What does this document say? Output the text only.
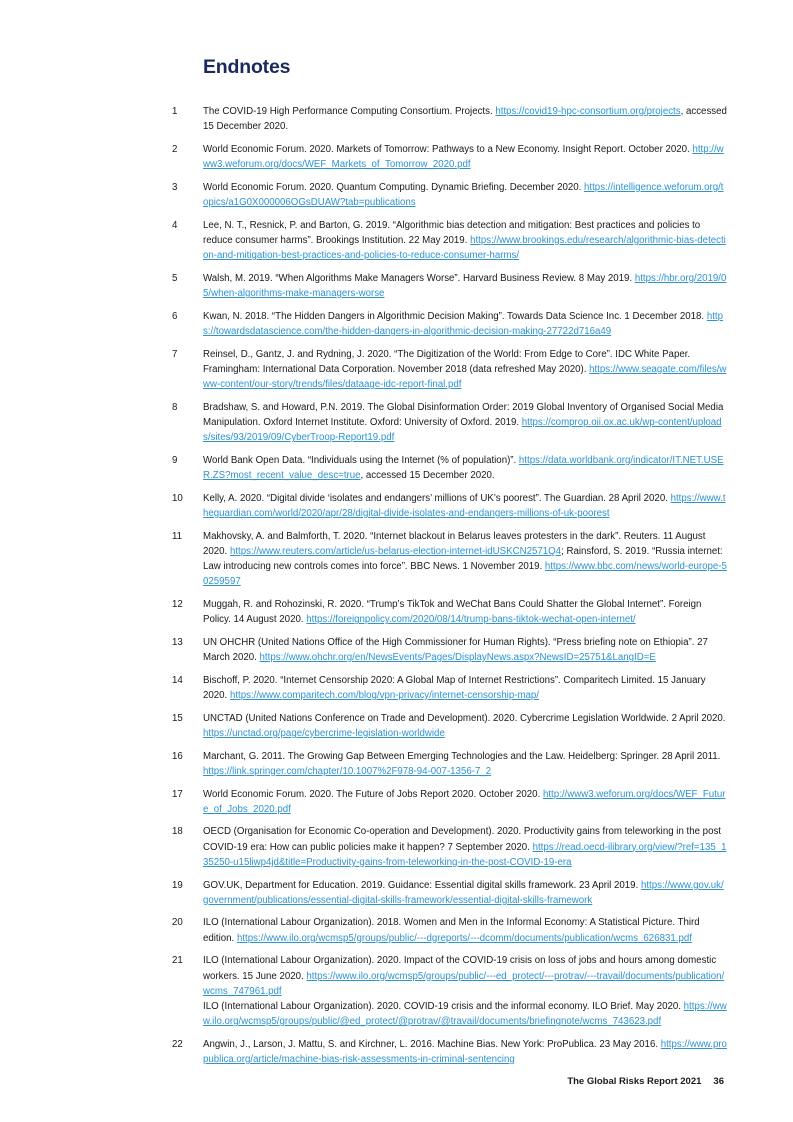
Endnotes
1	The COVID-19 High Performance Computing Consortium. Projects. https://covid19-hpc-consortium.org/projects, accessed 15 December 2020.

2	World Economic Forum. 2020. Markets of Tomorrow: Pathways to a New Economy. Insight Report. October 2020. http://www3.weforum.org/docs/WEF_Markets_of_Tomorrow_2020.pdf

3	World Economic Forum. 2020. Quantum Computing. Dynamic Briefing. December 2020. https://intelligence.weforum.org/topics/a1G0X000006OGsDUAW?tab=publications

4	Lee, N. T., Resnick, P. and Barton, G. 2019. “Algorithmic bias detection and mitigation: Best practices and policies to reduce consumer harms”. Brookings Institution. 22 May 2019. https://www.brookings.edu/research/algorithmic-bias-detection-and-mitigation-best-practices-and-policies-to-reduce-consumer-harms/

5	Walsh, M. 2019. “When Algorithms Make Managers Worse”. Harvard Business Review. 8 May 2019. https://hbr.org/2019/05/when-algorithms-make-managers-worse

6	Kwan, N. 2018. “The Hidden Dangers in Algorithmic Decision Making”. Towards Data Science Inc. 1 December 2018. https://towardsdatascience.com/the-hidden-dangers-in-algorithmic-decision-making-27722d716a49

7	Reinsel, D., Gantz, J. and Rydning, J. 2020. “The Digitization of the World: From Edge to Core”. IDC White Paper. Framingham: International Data Corporation. November 2018 (data refreshed May 2020). https://www.seagate.com/files/www-content/our-story/trends/files/dataage-idc-report-final.pdf

8	Bradshaw, S. and Howard, P.N. 2019. The Global Disinformation Order: 2019 Global Inventory of Organised Social Media Manipulation. Oxford Internet Institute. Oxford: University of Oxford. 2019. https://comprop.oii.ox.ac.uk/wp-content/uploads/sites/93/2019/09/CyberTroop-Report19.pdf

9	World Bank Open Data. “Individuals using the Internet (% of population)”. https://data.worldbank.org/indicator/IT.NET.USER.ZS?most_recent_value_desc=true, accessed 15 December 2020.

10	Kelly, A. 2020. “Digital divide ‘isolates and endangers’ millions of UK’s poorest”. The Guardian. 28 April 2020. https://www.theguardian.com/world/2020/apr/28/digital-divide-isolates-and-endangers-millions-of-uk-poorest

11	Makhovsky, A. and Balmforth, T. 2020. “Internet blackout in Belarus leaves protesters in the dark”. Reuters. 11 August 2020. https://www.reuters.com/article/us-belarus-election-internet-idUSKCN2571Q4; Rainsford, S. 2019. “Russia internet: Law introducing new controls comes into force”. BBC News. 1 November 2019. https://www.bbc.com/news/world-europe-50259597

12	Muggah, R. and Rohozinski, R. 2020. “Trump’s TikTok and WeChat Bans Could Shatter the Global Internet”. Foreign Policy. 14 August 2020. https://foreignpolicy.com/2020/08/14/trump-bans-tiktok-wechat-open-internet/

13	UN OHCHR (United Nations Office of the High Commissioner for Human Rights). “Press briefing note on Ethiopia”. 27 March 2020. https://www.ohchr.org/en/NewsEvents/Pages/DisplayNews.aspx?NewsID=25751&LangID=E

14	Bischoff, P. 2020. “Internet Censorship 2020: A Global Map of Internet Restrictions”. Comparitech Limited. 15 January 2020. https://www.comparitech.com/blog/vpn-privacy/internet-censorship-map/

15	UNCTAD (United Nations Conference on Trade and Development). 2020. Cybercrime Legislation Worldwide. 2 April 2020. https://unctad.org/page/cybercrime-legislation-worldwide

16	Marchant, G. 2011. The Growing Gap Between Emerging Technologies and the Law. Heidelberg: Springer. 28 April 2011. https://link.springer.com/chapter/10.1007%2F978-94-007-1356-7_2

17	World Economic Forum. 2020. The Future of Jobs Report 2020. October 2020. http://www3.weforum.org/docs/WEF_Future_of_Jobs_2020.pdf

18	OECD (Organisation for Economic Co-operation and Development). 2020. Productivity gains from teleworking in the post COVID-19 era: How can public policies make it happen? 7 September 2020. https://read.oecd-ilibrary.org/view/?ref=135_135250-u15liwp4jd&title=Productivity-gains-from-teleworking-in-the-post-COVID-19-era

19	GOV.UK, Department for Education. 2019. Guidance: Essential digital skills framework. 23 April 2019. https://www.gov.uk/government/publications/essential-digital-skills-framework/essential-digital-skills-framework

20	ILO (International Labour Organization). 2018. Women and Men in the Informal Economy: A Statistical Picture. Third edition. https://www.ilo.org/wcmsp5/groups/public/---dgreports/---dcomm/documents/publication/wcms_626831.pdf

21	ILO (International Labour Organization). 2020. Impact of the COVID-19 crisis on loss of jobs and hours among domestic workers. 15 June 2020. https://www.ilo.org/wcmsp5/groups/public/---ed_protect/---protrav/---travail/documents/publication/wcms_747961.pdf

ILO (International Labour Organization). 2020. COVID-19 crisis and the informal economy. ILO Brief. May 2020. https://www.ilo.org/wcmsp5/groups/public/@ed_protect/@protrav/@travail/documents/briefingnote/wcms_743623.pdf

22	Angwin, J., Larson, J. Mattu, S. and Kirchner, L. 2016. Machine Bias. New York: ProPublica. 23 May 2016. https://www.propublica.org/article/machine-bias-risk-assessments-in-criminal-sentencing

The Global Risks Report 2021 36
